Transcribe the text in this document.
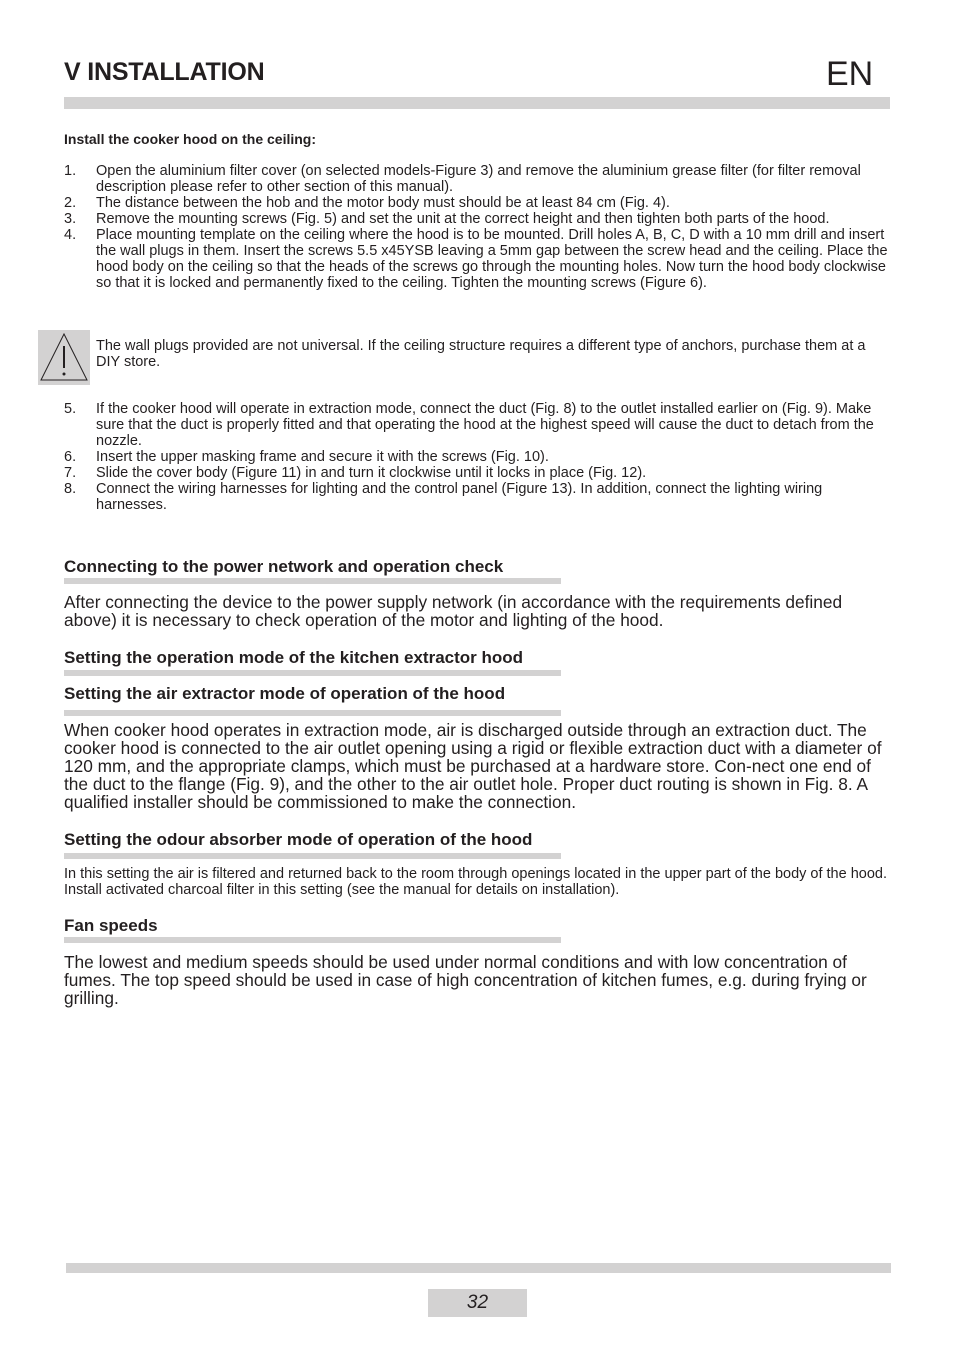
V INSTALLATION	EN
Install the cooker hood on the ceiling:
1. Open the aluminium filter cover (on selected models-Figure 3) and remove the aluminium grease filter (for filter removal description please refer to other section of this manual).
2. The distance between the hob and the motor body must should be at least 84 cm (Fig. 4).
3. Remove the mounting screws (Fig. 5) and set the unit at the correct height and then tighten both parts of the hood.
4. Place mounting template on the ceiling where the hood is to be mounted. Drill holes A, B, C, D with a 10 mm drill and insert the wall plugs in them. Insert the screws 5.5 x45YSB leaving a 5mm gap between the screw head and the ceiling. Place the hood body on the ceiling so that the heads of the screws go through the mounting holes. Now turn the hood body clockwise so that it is locked and permanently fixed to the ceiling. Tighten the mounting screws (Figure 6).
The wall plugs provided are not universal. If the ceiling structure requires a different type of anchors, purchase them at a DIY store.
5. If the cooker hood will operate in extraction mode, connect the duct (Fig. 8) to the outlet installed earlier on (Fig. 9). Make sure that the duct is properly fitted and that operating the hood at the highest speed will cause the duct to detach from the nozzle.
6. Insert the upper masking frame and secure it with the screws (Fig. 10).
7. Slide the cover body (Figure 11) in and turn it clockwise until it locks in place (Fig. 12).
8. Connect the wiring harnesses for lighting and the control panel (Figure 13). In addition, connect the lighting wiring harnesses.
Connecting to the power network and operation check
After connecting the device to the power supply network (in accordance with the requirements defined above) it is necessary to check operation of the motor and lighting of the hood.
Setting the operation mode of the kitchen extractor hood
Setting the air extractor mode of operation of the hood
When cooker hood operates in extraction mode, air is discharged outside through an extraction duct. The cooker hood is connected to the air outlet opening using a rigid or flexible extraction duct with a diameter of 120 mm, and the appropriate clamps, which must be purchased at a hardware store. Con-nect one end of the duct to the flange (Fig. 9), and the other to the air outlet hole. Proper duct routing is shown in Fig. 8. A qualified installer should be commissioned to make the connection.
Setting the odour absorber mode of operation of the hood
In this setting the air is filtered and returned back to the room through openings located in the upper part of the body of the hood. Install activated charcoal filter in this setting (see the manual for details on installation).
Fan speeds
The lowest and medium speeds should be used under normal conditions and with low concentration of fumes. The top speed should be used in case of high concentration of kitchen fumes, e.g. during frying or grilling.
32
